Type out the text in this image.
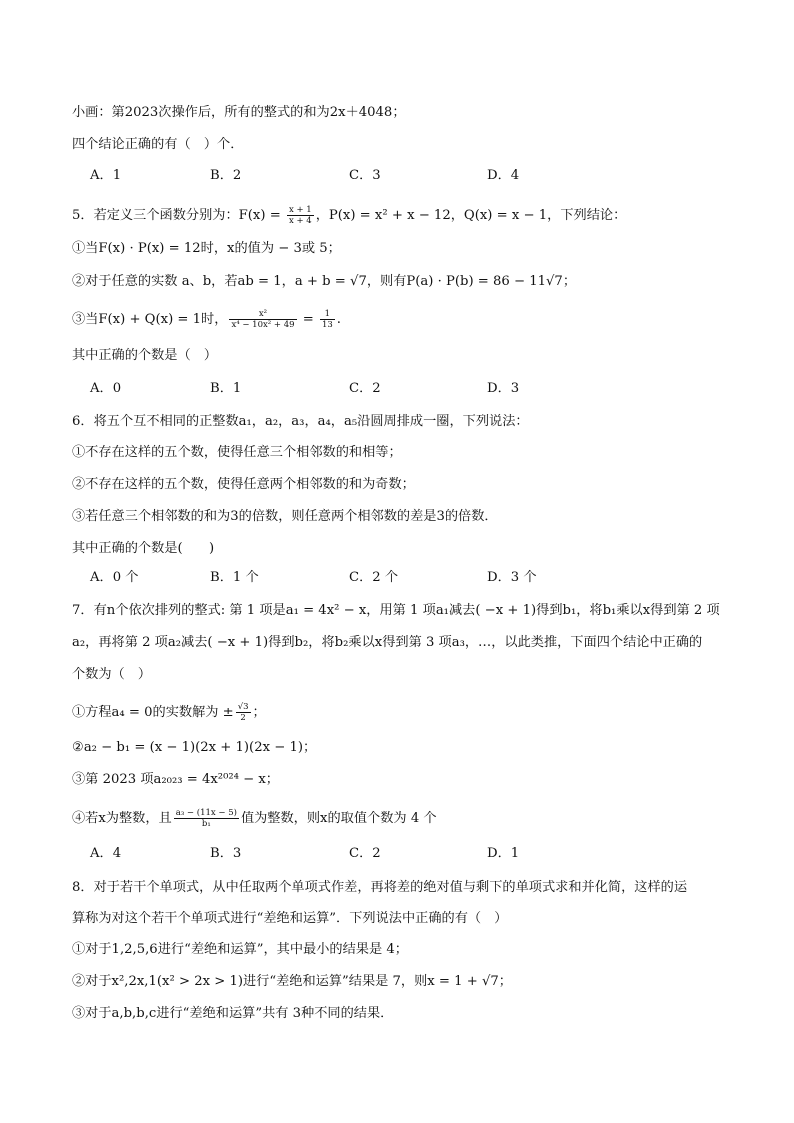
小画：第2023次操作后，所有的整式的和为2x＋4048；
四个结论正确的有（　）个．
A．1	B．2	C．3	D．4
5．若定义三个函数分别为：$F(x) = \frac{x + 1}{x + 4}$ ，P(x) = x² + x − 12，Q(x) = x − 1，下列结论：
①当F(x) · P(x) = 12时，x的值为 − 3或 5；
②对于任意的实数 a、b，若ab = 1，a + b = √7，则有P(a) · P(b) = 86 − 11√7；
③当F(x) + Q(x) = 1时， $\frac{\text{x²}}{\text{x⁴ − 10x² + 49}} = \frac{1}{13}$ .
其中正确的个数是（　）
A．0	B．1	C．2	D．3
6．将五个互不相同的正整数a₁，a₂，a₃，a₄，a₅沿圆周排成一圈，下列说法：
①不存在这样的五个数，使得任意三个相邻数的和相等；
②不存在这样的五个数，使得任意两个相邻数的和为奇数；
③若任意三个相邻数的和为3的倍数，则任意两个相邻数的差是3的倍数．
其中正确的个数是(　　)
A．0 个	B．1 个	C．2 个	D．3 个
7．有n个依次排列的整式: 第 1 项是a₁ = 4x² − x，用第 1 项a₁减去( −x + 1)得到b₁，将b₁乘以x得到第 2 项
a₂，再将第 2 项a₂减去( −x + 1)得到b₂，将b₂乘以x得到第 3 项a₃，…，以此类推，下面四个结论中正确的
个数为（　）
①方程a₄ = 0的实数解为 ± $\frac{√3}{2}$ ；
②a₂ − b₁ = (x − 1)(2x + 1)(2x − 1)；
③第 2023 项a₂₀₂₃ = 4x²⁰²⁴ − x；
④若x为整数，且 $\frac{\text{a₃ − (11x − 5)}}{\text{b₁}}$ 值为整数，则x的取值个数为 4 个
A．4	B．3	C．2	D．1
8．对于若干个单项式，从中任取两个单项式作差，再将差的绝对值与剩下的单项式求和并化简，这样的运
算称为对这个若干个单项式进行“差绝和运算”．下列说法中正确的有（　）
①对于1,2,5,6进行“差绝和运算”，其中最小的结果是 4；
②对于x²,2x,1(x² > 2x > 1)进行“差绝和运算”结果是 7，则x = 1 + √7；
③对于a,b,b,c进行“差绝和运算”共有 3种不同的结果．
